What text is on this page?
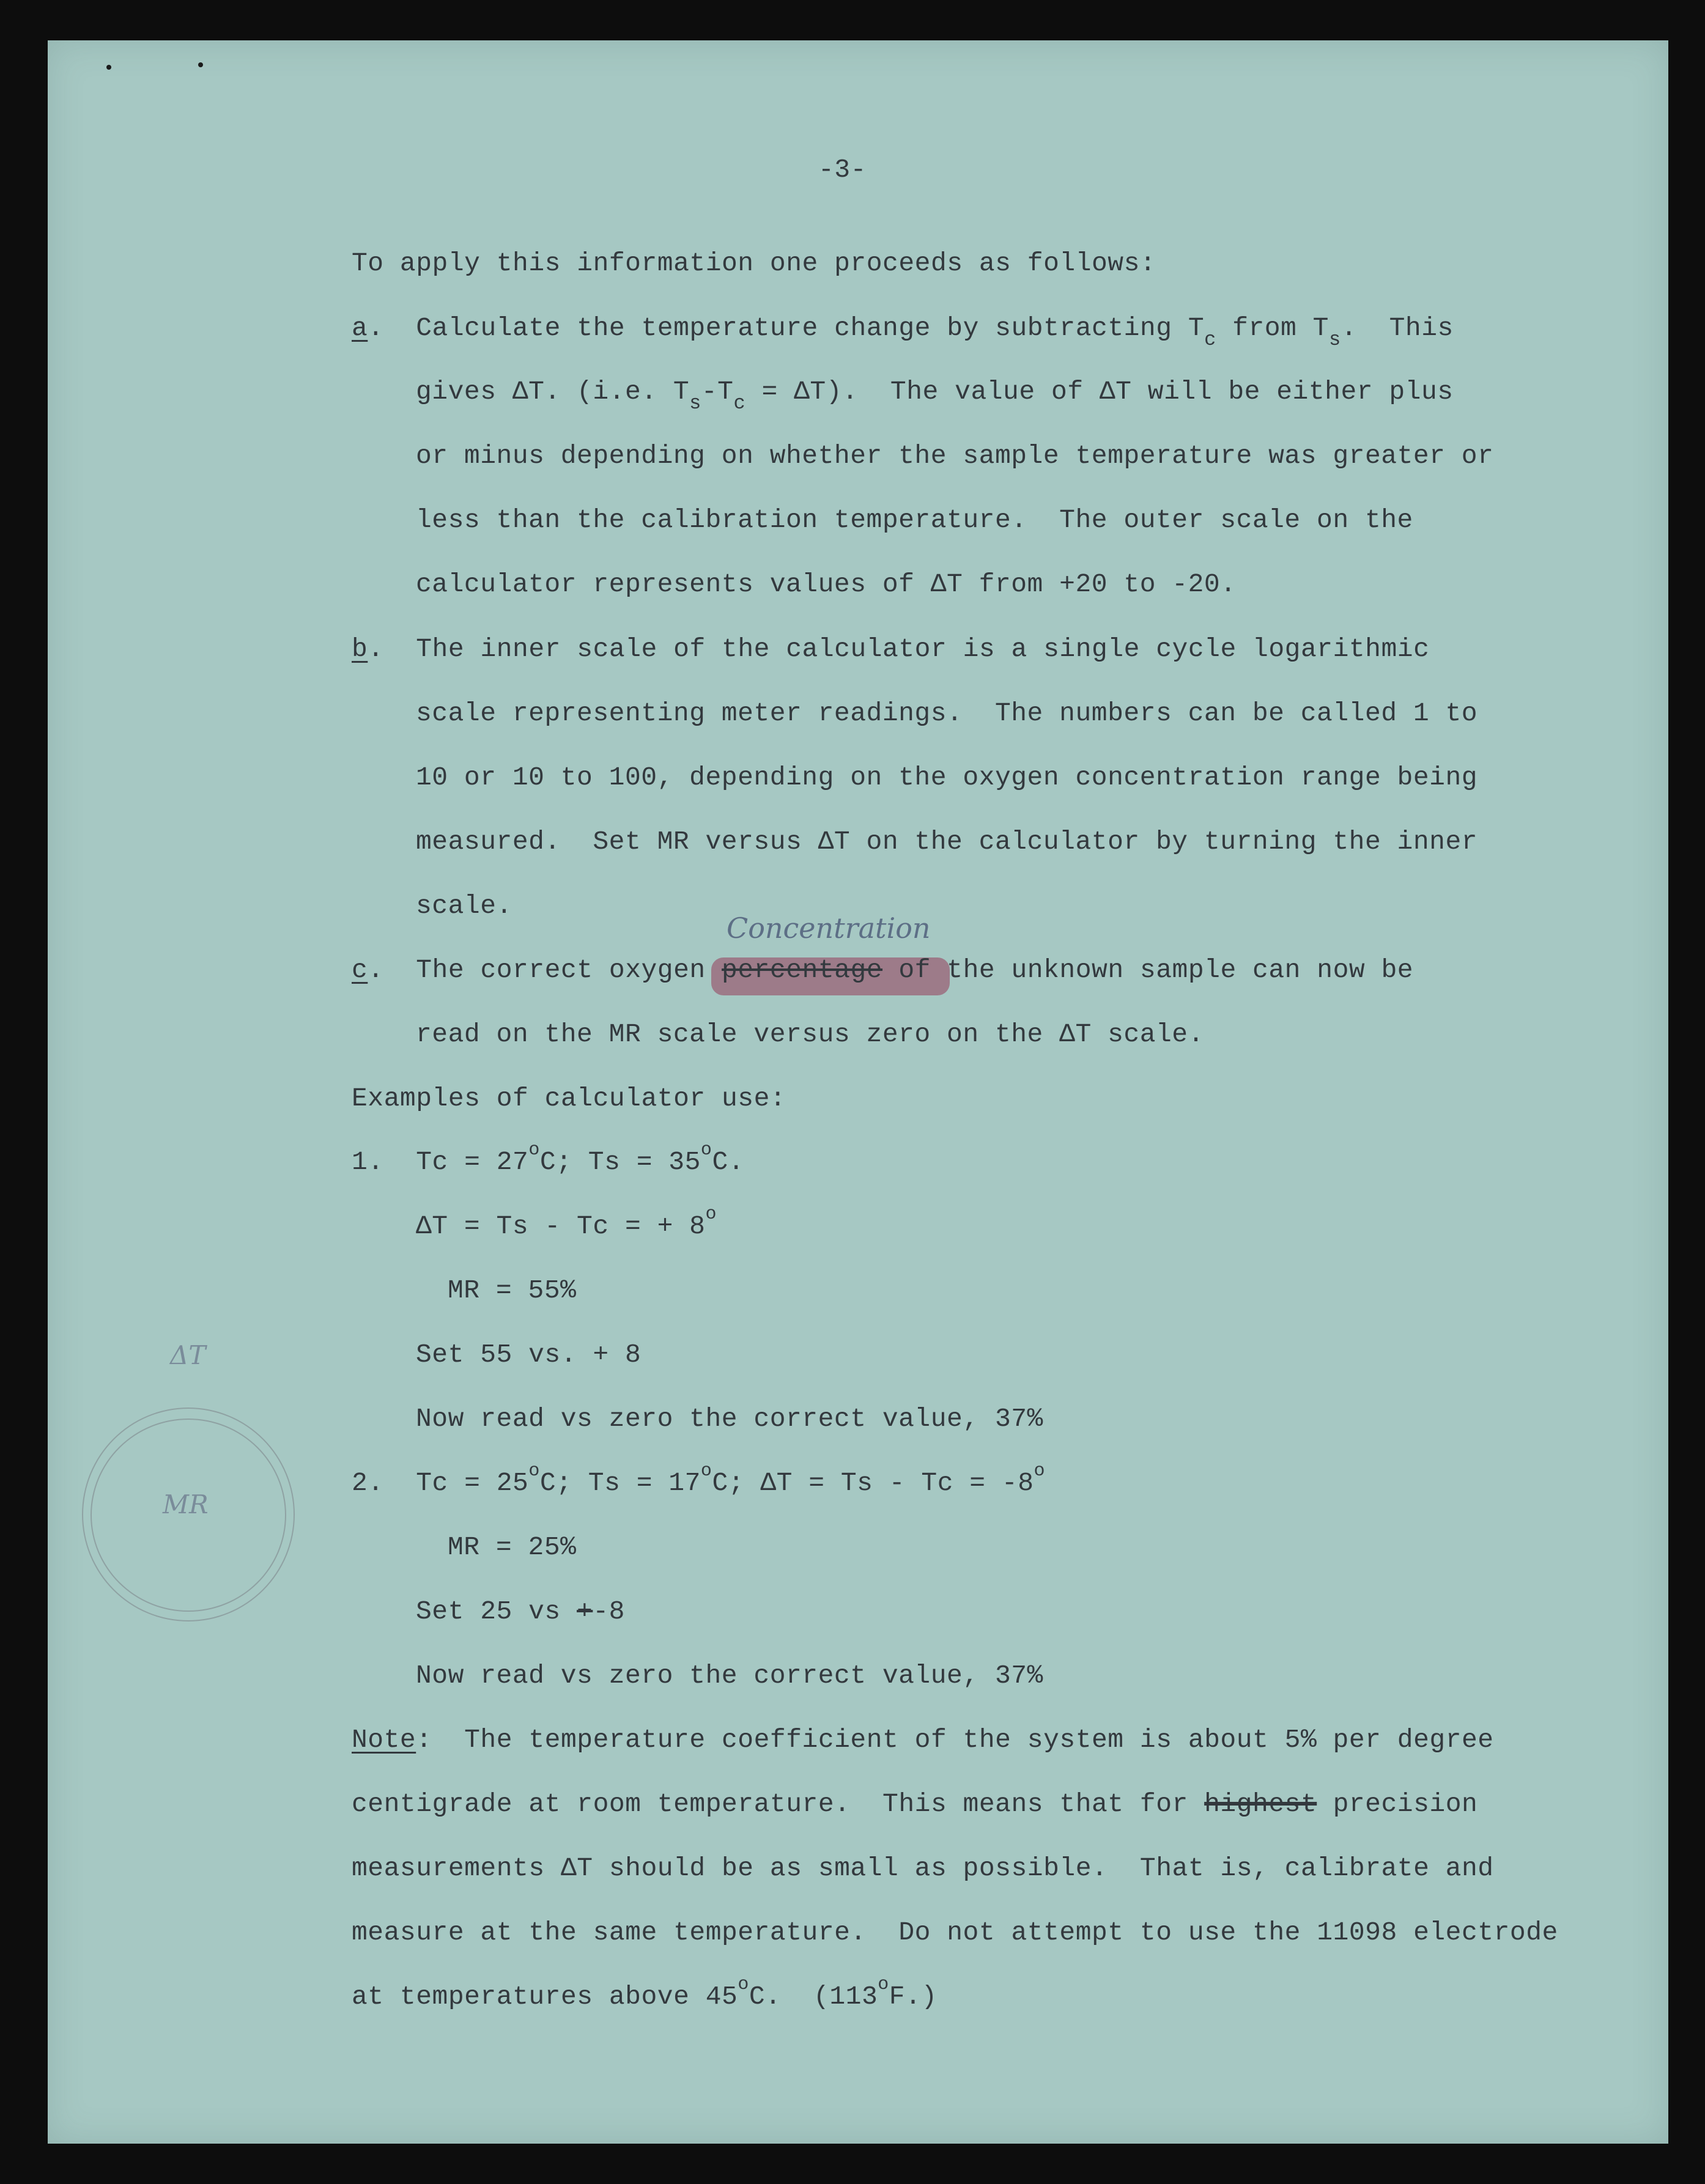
-3-
To apply this information one proceeds as follows:
a.  Calculate the temperature change by subtracting $T_c$ from $T_s$.  This
gives ΔT. (i.e. $T_s-T_c = \Delta T$).  The value of ΔT will be either plus
or minus depending on whether the sample temperature was greater or
less than the calibration temperature.  The outer scale on the
calculator represents values of ΔT from +20 to -20.
b.  The inner scale of the calculator is a single cycle logarithmic
scale representing meter readings.  The numbers can be called 1 to
10 or 10 to 100, depending on the oxygen concentration range being
measured.  Set MR versus ΔT on the calculator by turning the inner
scale.
Concentration
c.  The correct oxygen percentage of the unknown sample can now be
read on the MR scale versus zero on the ΔT scale.
Examples of calculator use:
1. $Tc = 27^oC$; $Ts = 35^oC$.
ΔT = Ts - Tc = + $8^o$
MR = 55%
Set 55 vs. + 8
Now read vs zero the correct value, 37%
2. $Tc = 25^oC$; $Ts = 17^oC$; $\Delta T = Ts - Tc = -8^o$
MR = 25%
Set 25 vs +-8
Now read vs zero the correct value, 37%
Note:  The temperature coefficient of the system is about 5% per degree
centigrade at room temperature.  This means that for highest precision
measurements ΔT should be as small as possible.  That is, calibrate and
measure at the same temperature.  Do not attempt to use the 11098 electrode
at temperatures above 45$^o$C.  (113$^o$F.)
ΔT
MR
